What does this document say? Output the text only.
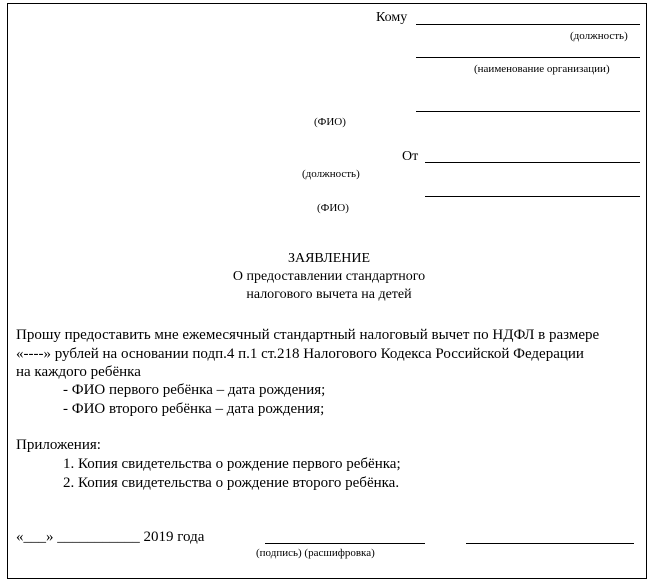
Кому
(должность)
(наименование организации)
(ФИО)
От
(должность)
(ФИО)
ЗАЯВЛЕНИЕ
О предоставлении стандартного
налогового вычета на детей
Прошу предоставить мне ежемесячный стандартный налоговый вычет по НДФЛ в размере
«----» рублей на основании подп.4 п.1 ст.218 Налогового Кодекса Российской Федерации
на каждого ребёнка
- ФИО первого ребёнка – дата рождения;
- ФИО второго ребёнка – дата рождения;
Приложения:
1. Копия свидетельства о рождение первого ребёнка;
2. Копия свидетельства о рождение второго ребёнка.
«___» ___________ 2019 года
(подпись) (расшифровка)
